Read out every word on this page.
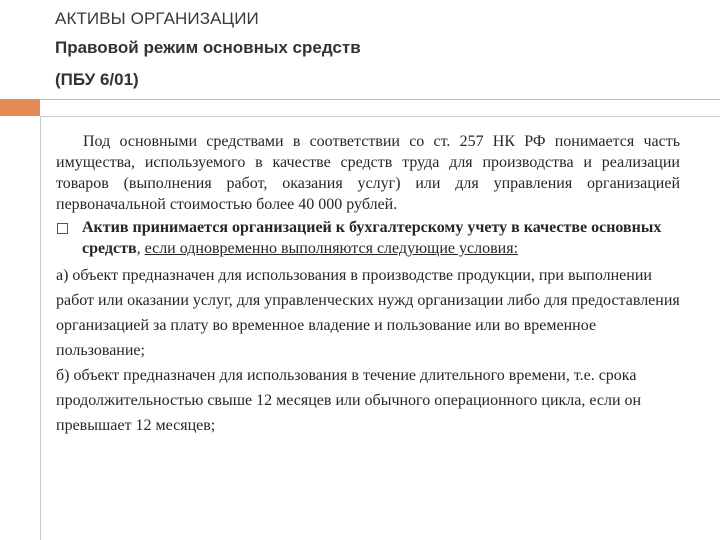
АКТИВЫ ОРГАНИЗАЦИИ
Правовой режим основных средств
(ПБУ 6/01)

Под основными средствами в соответствии со ст. 257 НК РФ понимается часть имущества, используемого в качестве средств труда для производства и реализации товаров (выполнения работ, оказания услуг) или для управления организацией первоначальной стоимостью более 40 000 рублей.

Актив принимается организацией к бухгалтерскому учету в качестве основных средств, если одновременно выполняются следующие условия:

а) объект предназначен для использования в производстве продукции, при выполнении работ или оказании услуг, для управленческих нужд организации либо для предоставления организацией за плату во временное владение и пользование или во временное пользование;

б) объект предназначен для использования в течение длительного времени, т.е. срока продолжительностью свыше 12 месяцев или обычного операционного цикла, если он превышает 12 месяцев;
